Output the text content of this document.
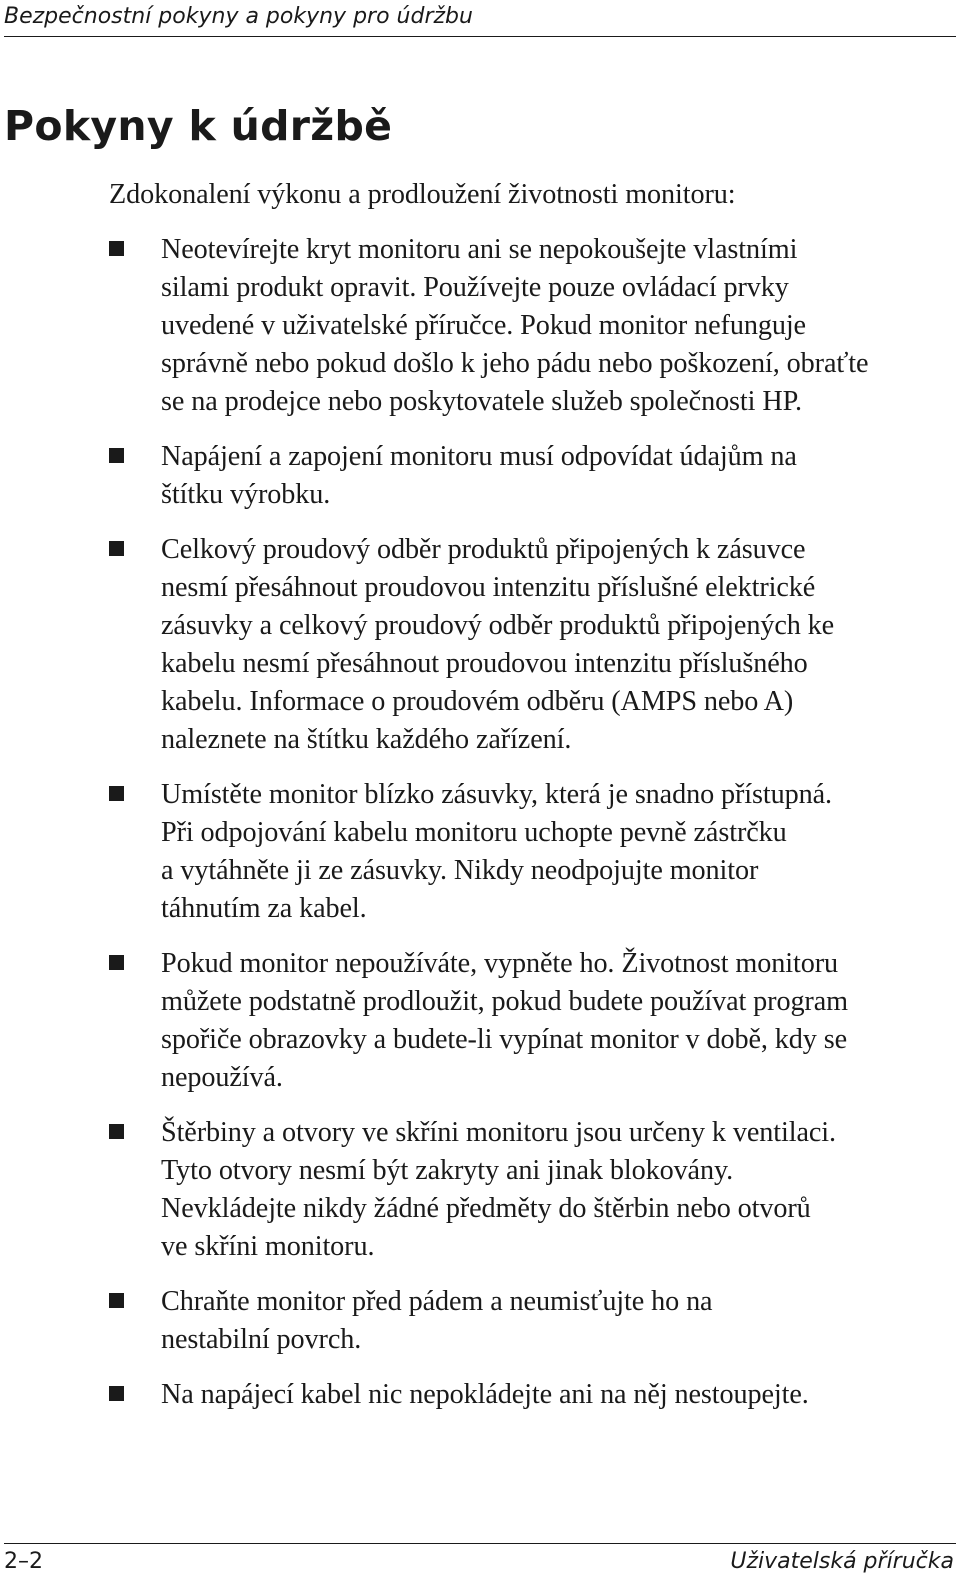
Bezpečnostní pokyny a pokyny pro údržbu
Pokyny k údržbě

Zdokonalení výkonu a prodloužení životnosti monitoru:

Neotevírejte kryt monitoru ani se nepokoušejte vlastními
silami produkt opravit. Používejte pouze ovládací prvky
uvedené v uživatelské příručce. Pokud monitor nefunguje
správně nebo pokud došlo k jeho pádu nebo poškození, obraťte
se na prodejce nebo poskytovatele služeb společnosti HP.
Napájení a zapojení monitoru musí odpovídat údajům na
štítku výrobku.
Celkový proudový odběr produktů připojených k zásuvce
nesmí přesáhnout proudovou intenzitu příslušné elektrické
zásuvky a celkový proudový odběr produktů připojených ke
kabelu nesmí přesáhnout proudovou intenzitu příslušného
kabelu. Informace o proudovém odběru (AMPS nebo A)
naleznete na štítku každého zařízení.
Umístěte monitor blízko zásuvky, která je snadno přístupná.
Při odpojování kabelu monitoru uchopte pevně zástrčku
a vytáhněte ji ze zásuvky. Nikdy neodpojujte monitor
táhnutím za kabel.
Pokud monitor nepoužíváte, vypněte ho. Životnost monitoru
můžete podstatně prodloužit, pokud budete používat program
spořiče obrazovky a budete-li vypínat monitor v době, kdy se
nepoužívá.
Štěrbiny a otvory ve skříni monitoru jsou určeny k ventilaci.
Tyto otvory nesmí být zakryty ani jinak blokovány.
Nevkládejte nikdy žádné předměty do štěrbin nebo otvorů
ve skříni monitoru.
Chraňte monitor před pádem a neumisťujte ho na
nestabilní povrch.
Na napájecí kabel nic nepokládejte ani na něj nestoupejte.
2–2	Uživatelská příručka
